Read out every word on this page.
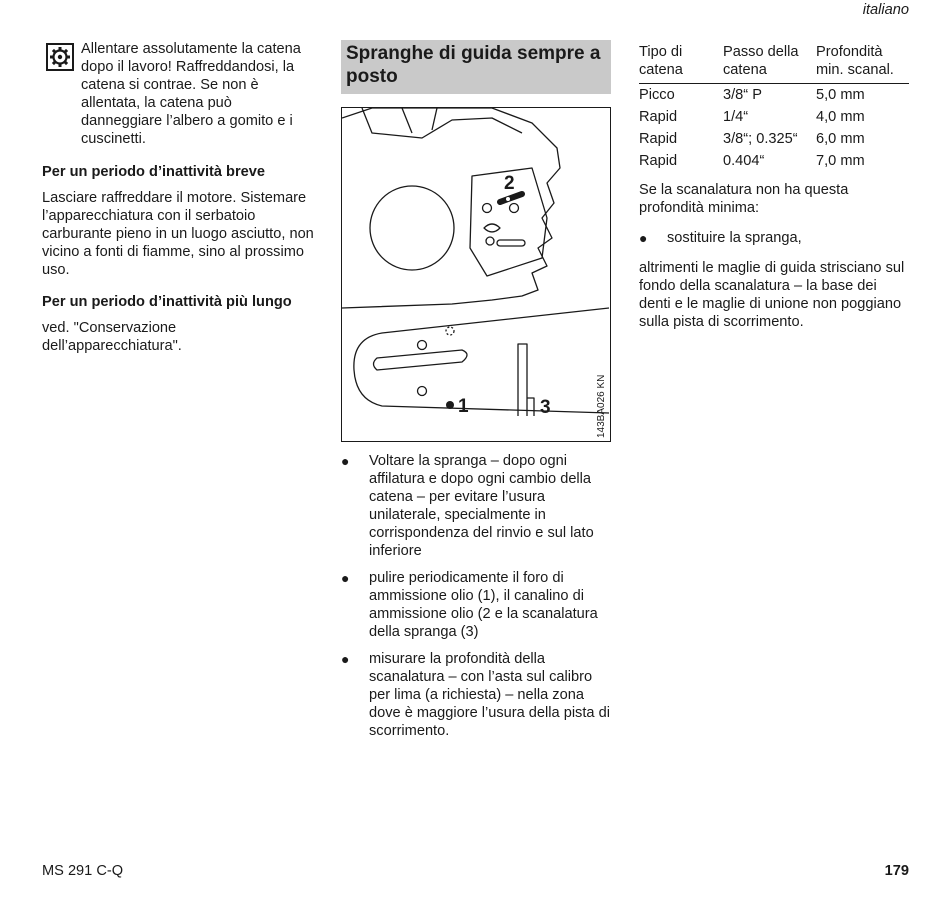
italiano

Allentare assolutamente la catena dopo il lavoro! Raffreddandosi, la catena si contrae. Se non è allentata, la catena può danneggiare l’albero a gomito e i cuscinetti.

Per un periodo d’inattività breve

Lasciare raffreddare il motore. Sistemare l’apparecchiatura con il serbatoio carburante pieno in un luogo asciutto, non vicino a fonti di fiamme, sino al prossimo uso.

Per un periodo d’inattività più lungo

ved. "Conservazione dell’apparecchiatura".

Spranghe di guida sempre a posto
2
1	3	143BA026 KN
● Voltare la spranga – dopo ogni affilatura e dopo ogni cambio della catena – per evitare l’usura unilaterale, specialmente in corrispondenza del rinvio e sul lato inferiore

● pulire periodicamente il foro di ammissione olio (1), il canalino di ammissione olio (2 e la scanalatura della spranga (3)

● misurare la profondità della scanalatura – con l’asta sul calibro per lima (a richiesta) – nella zona dove è maggiore l’usura della pista di scorrimento.

Tipo di catena	Passo della catena	Profondità min. scanal.
Picco	3/8“ P	5,0 mm
Rapid	1/4“	4,0 mm
Rapid	3/8“; 0.325“	6,0 mm
Rapid	0.404“	7,0 mm

Se la scanalatura non ha questa profondità minima:

● sostituire la spranga,

altrimenti le maglie di guida strisciano sul fondo della scanalatura – la base dei denti e le maglie di unione non poggiano sulla pista di scorrimento.

MS 291 C-Q	179
